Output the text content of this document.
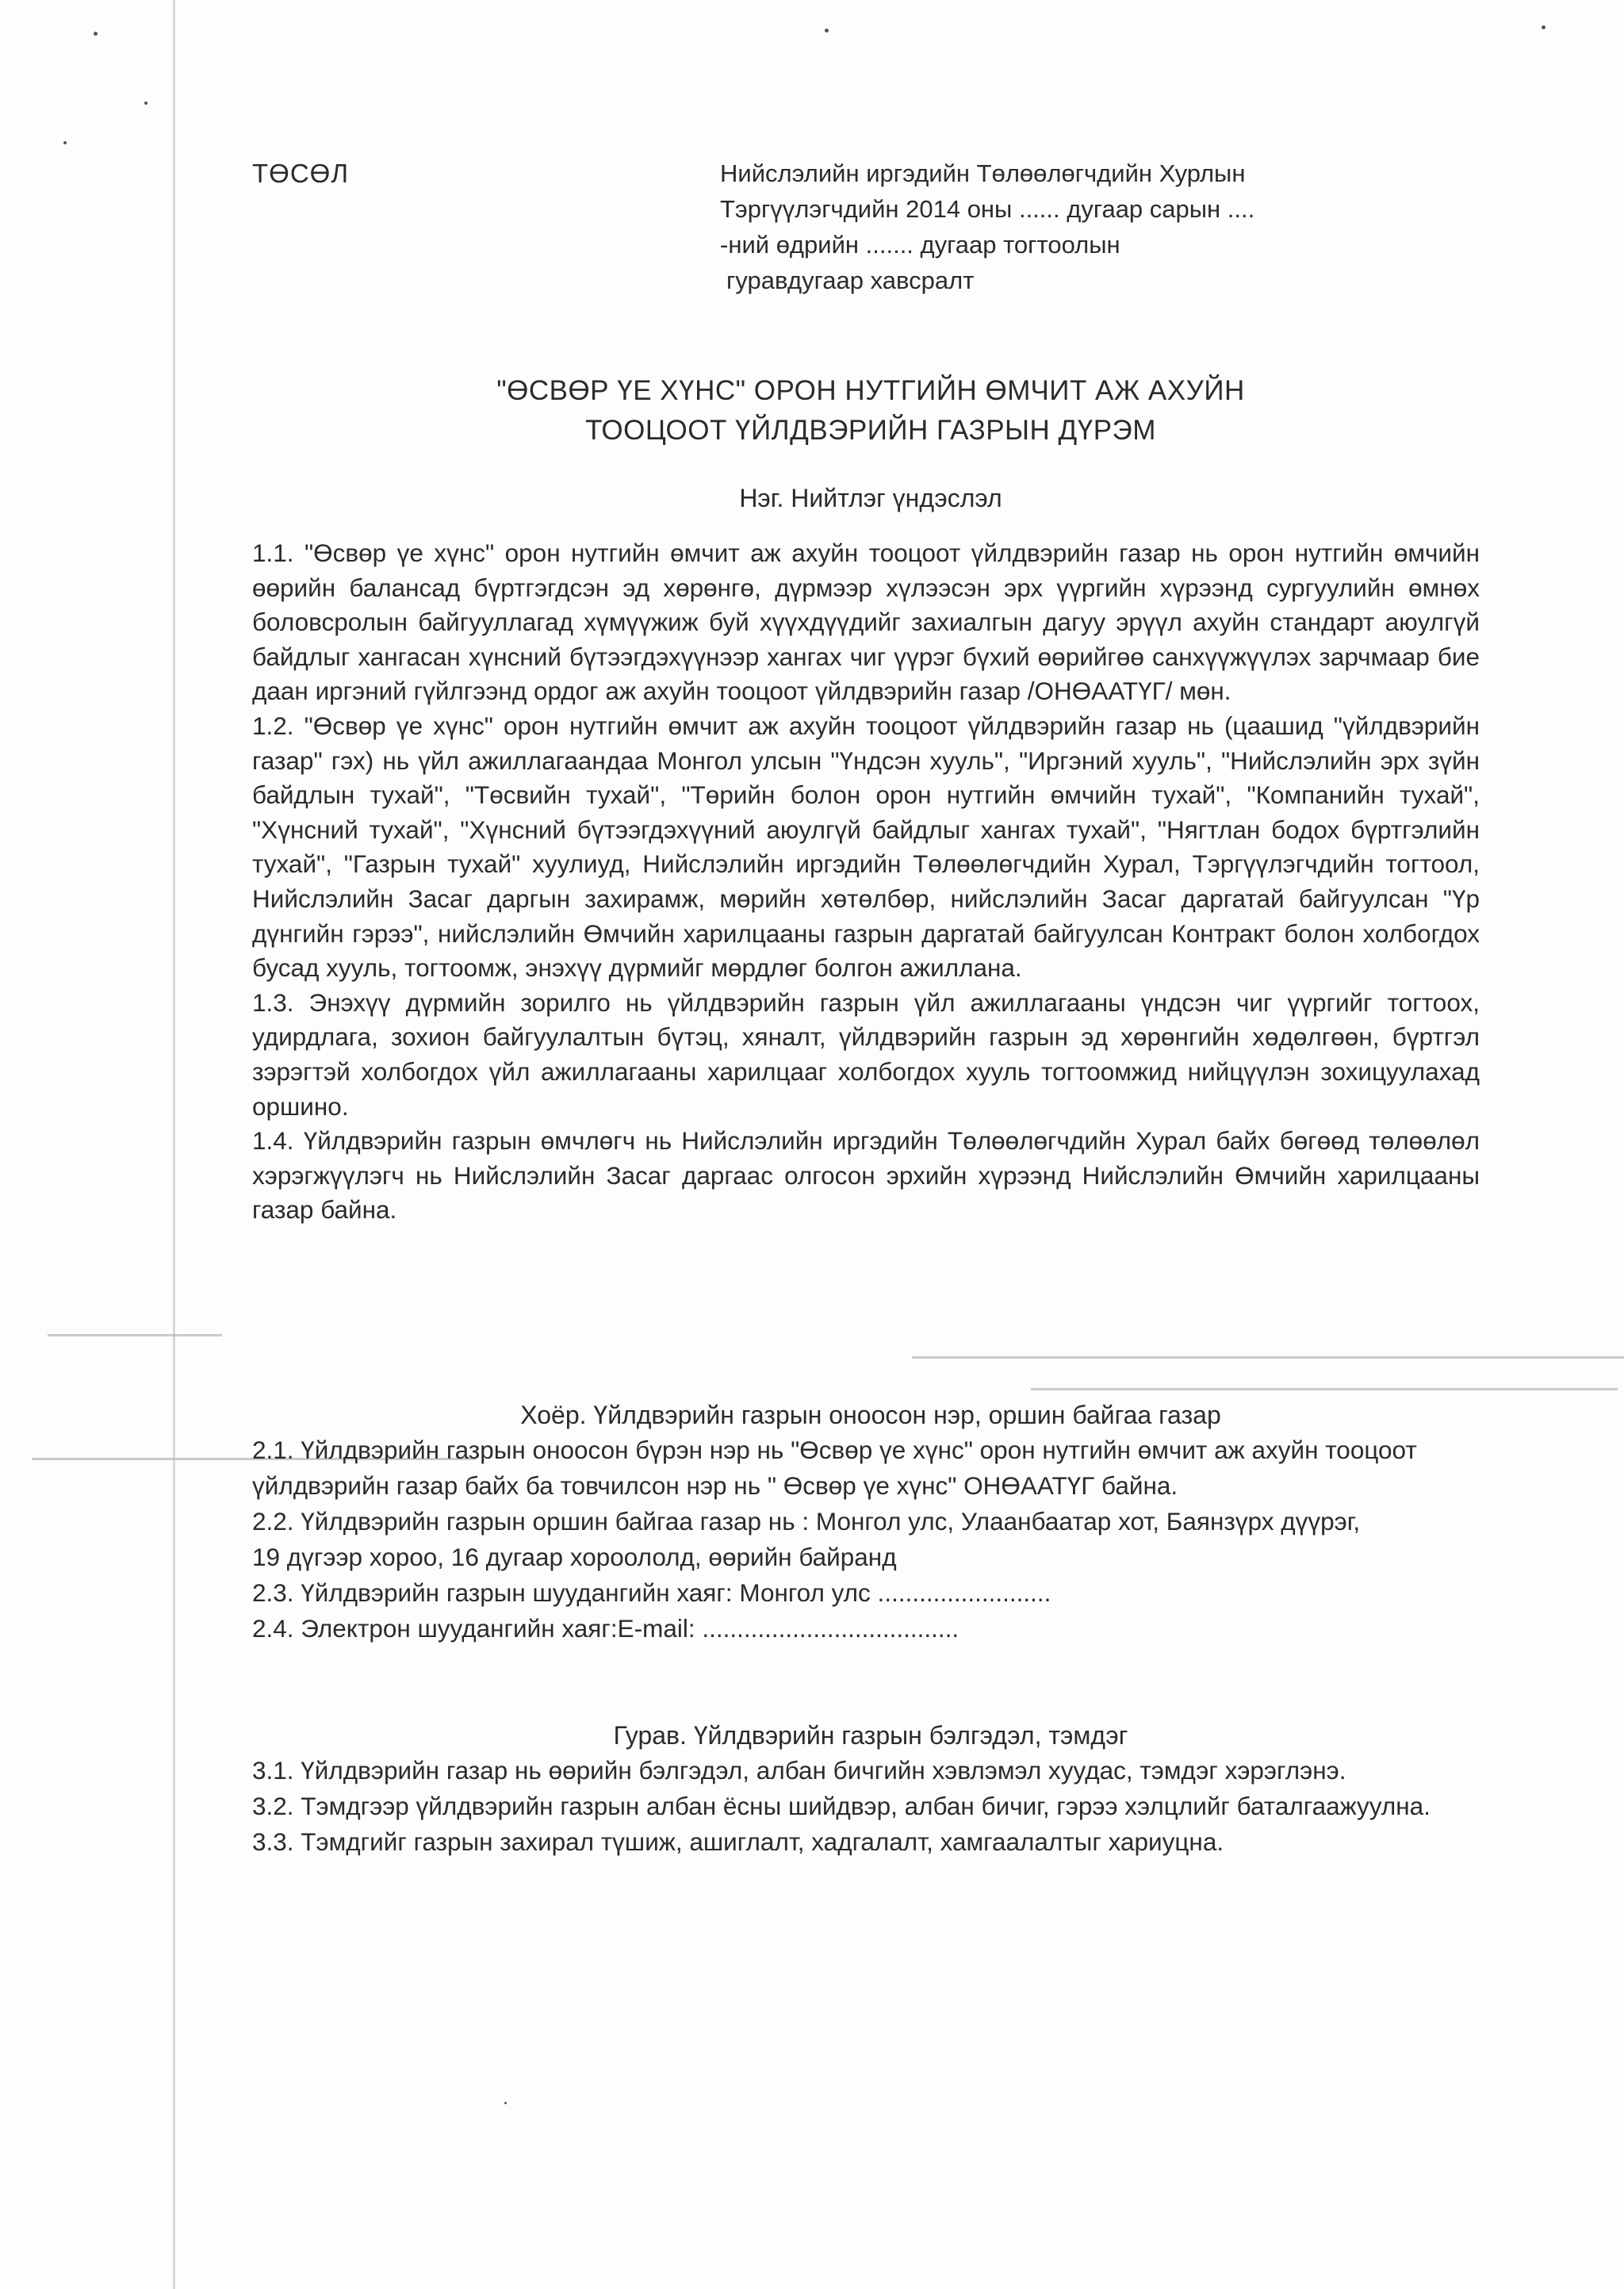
ТӨСӨЛ	Нийслэлийн иргэдийн Төлөөлөгчдийн Хурлын
Тэргүүлэгчдийн 2014 оны ...... дугаар сарын ....
-ний өдрийн ....... дугаар тогтоолын
гуравдугаар хавсралт
"ӨСВӨР ҮЕ ХҮНС" ОРОН НУТГИЙН ӨМЧИТ АЖ АХУЙН
ТООЦООТ ҮЙЛДВЭРИЙН ГАЗРЫН ДҮРЭМ
Нэг. Нийтлэг үндэслэл

1.1. "Өсвөр үе хүнс" орон нутгийн өмчит аж ахуйн тооцоот үйлдвэрийн газар нь орон нутгийн өмчийн өөрийн балансад бүртгэгдсэн эд хөрөнгө, дүрмээр хүлээсэн эрх үүргийн хүрээнд сургуулийн өмнөх боловсролын байгууллагад хүмүүжиж буй хүүхдүүдийг захиалгын дагуу эрүүл ахуйн стандарт аюулгүй байдлыг хангасан хүнсний бүтээгдэхүүнээр хангах чиг үүрэг бүхий өөрийгөө санхүүжүүлэх зарчмаар бие даан иргэний гүйлгээнд ордог аж ахуйн тооцоот үйлдвэрийн газар /ОНӨААТҮГ/ мөн.

1.2. "Өсвөр үе хүнс" орон нутгийн өмчит аж ахуйн тооцоот үйлдвэрийн газар нь (цаашид "үйлдвэрийн газар" гэх) нь үйл ажиллагаандаа Монгол улсын "Үндсэн хууль", "Иргэний хууль", "Нийслэлийн эрх зүйн байдлын тухай", "Төсвийн тухай", "Төрийн болон орон нутгийн өмчийн тухай", "Компанийн тухай", "Хүнсний тухай", "Хүнсний бүтээгдэхүүний аюулгүй байдлыг хангах тухай", "Нягтлан бодох бүртгэлийн тухай", "Газрын тухай" хуулиуд, Нийслэлийн иргэдийн Төлөөлөгчдийн Хурал, Тэргүүлэгчдийн тогтоол, Нийслэлийн Засаг даргын захирамж, мөрийн хөтөлбөр, нийслэлийн Засаг даргатай байгуулсан "Үр дүнгийн гэрээ", нийслэлийн Өмчийн харилцааны газрын даргатай байгуулсан Контракт болон холбогдох бусад хууль, тогтоомж, энэхүү дүрмийг мөрдлөг болгон ажиллана.

1.3. Энэхүү дүрмийн зорилго нь үйлдвэрийн газрын үйл ажиллагааны үндсэн чиг үүргийг тогтоох, удирдлага, зохион байгуулалтын бүтэц, хяналт, үйлдвэрийн газрын эд хөрөнгийн хөдөлгөөн, бүртгэл зэрэгтэй холбогдох үйл ажиллагааны харилцааг холбогдох хууль тогтоомжид нийцүүлэн зохицуулахад оршино.

1.4. Үйлдвэрийн газрын өмчлөгч нь Нийслэлийн иргэдийн Төлөөлөгчдийн Хурал байх бөгөөд төлөөлөл хэрэгжүүлэгч нь Нийслэлийн Засаг даргаас олгосон эрхийн хүрээнд Нийслэлийн Өмчийн харилцааны газар байна.

Хоёр. Үйлдвэрийн газрын оноосон нэр, оршин байгаа газар

2.1. Үйлдвэрийн газрын оноосон бүрэн нэр нь "Өсвөр үе хүнс" орон нутгийн өмчит аж ахуйн тооцоот үйлдвэрийн газар байх ба товчилсон нэр нь " Өсвөр үе хүнс" ОНӨААТҮГ байна.

2.2. Үйлдвэрийн газрын оршин байгаа газар нь : Монгол улс, Улаанбаатар хот, Баянзүрх дүүрэг, 19 дүгээр хороо, 16 дугаар хороололд, өөрийн байранд

2.3. Үйлдвэрийн газрын шуудангийн хаяг: Монгол улс .........................

2.4. Электрон шуудангийн хаяг:E-mail: .....................................

Гурав. Үйлдвэрийн газрын бэлгэдэл, тэмдэг

3.1. Үйлдвэрийн газар нь өөрийн бэлгэдэл, албан бичгийн хэвлэмэл хуудас, тэмдэг хэрэглэнэ.

3.2. Тэмдгээр үйлдвэрийн газрын албан ёсны шийдвэр, албан бичиг, гэрээ хэлцлийг баталгаажуулна.

3.3. Тэмдгийг газрын захирал түшиж, ашиглалт, хадгалалт, хамгаалалтыг хариуцна.
